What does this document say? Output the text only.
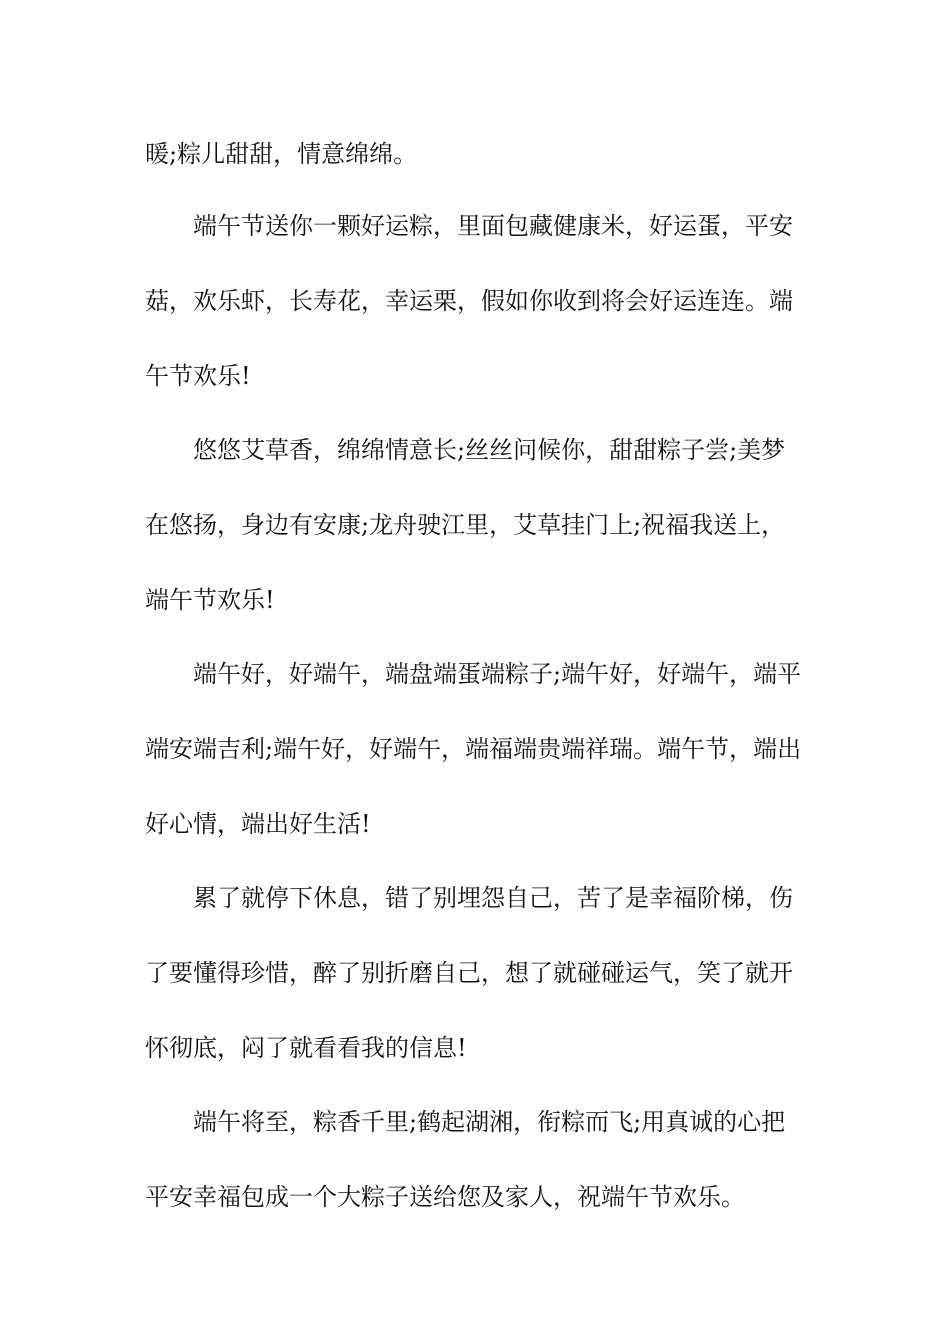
暖;粽儿甜甜，情意绵绵。
端午节送你一颗好运粽，里面包藏健康米，好运蛋，平安
菇，欢乐虾，长寿花，幸运栗，假如你收到将会好运连连。端
午节欢乐!
悠悠艾草香，绵绵情意长;丝丝问候你，甜甜粽子尝;美梦
在悠扬，身边有安康;龙舟驶江里，艾草挂门上;祝福我送上，
端午节欢乐!
端午好，好端午，端盘端蛋端粽子;端午好，好端午，端平
端安端吉利;端午好，好端午，端福端贵端祥瑞。端午节，端出
好心情，端出好生活!
累了就停下休息，错了别埋怨自己，苦了是幸福阶梯，伤
了要懂得珍惜，醉了别折磨自己，想了就碰碰运气，笑了就开
怀彻底，闷了就看看我的信息!
端午将至，粽香千里;鹤起湖湘，衔粽而飞;用真诚的心把
平安幸福包成一个大粽子送给您及家人，祝端午节欢乐。
